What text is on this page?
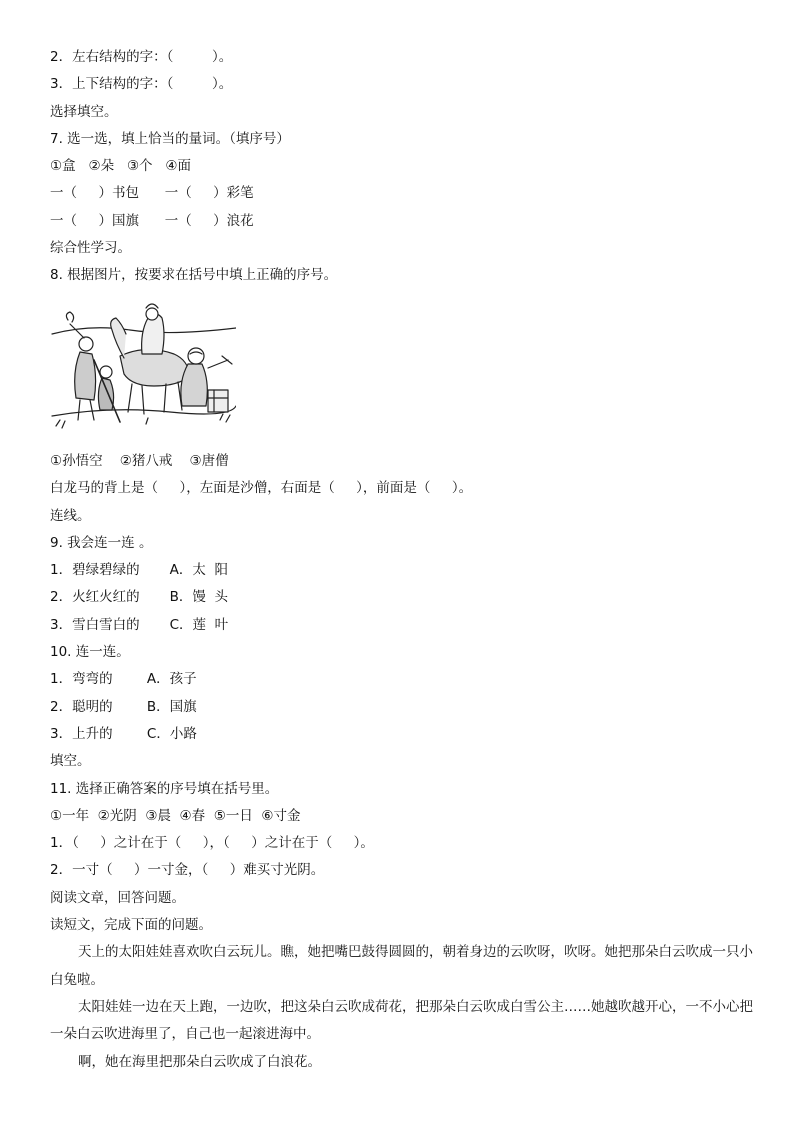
2．左右结构的字：（         ）。
3．上下结构的字：（         ）。
选择填空。
7. 选一选，填上恰当的量词。（填序号）
①盒   ②朵   ③个   ④面
一（     ）书包      一（     ）彩笔
一（     ）国旗      一（     ）浪花
综合性学习。
8. 根据图片，按要求在括号中填上正确的序号。
①孙悟空    ②猪八戒    ③唐僧
白龙马的背上是（     ），左面是沙僧，右面是（     ），前面是（     ）。
连线。
9. 我会连一连 。
1．碧绿碧绿的       A．太  阳
2．火红火红的       B．馒  头
3．雪白雪白的       C．莲  叶
10. 连一连。
1．弯弯的        A．孩子
2．聪明的        B．国旗
3．上升的        C．小路
填空。
11. 选择正确答案的序号填在括号里。
①一年  ②光阴  ③晨  ④春  ⑤一日  ⑥寸金
1．（     ）之计在于（     ），（     ）之计在于（     ）。
2．一寸（     ）一寸金，（     ）难买寸光阴。
阅读文章，回答问题。
读短文，完成下面的问题。
天上的太阳娃娃喜欢吹白云玩儿。瞧，她把嘴巴鼓得圆圆的，朝着身边的云吹呀，吹呀。她把那朵白云吹成一只小白兔啦。
太阳娃娃一边在天上跑，一边吹，把这朵白云吹成荷花，把那朵白云吹成白雪公主……她越吹越开心，一不小心把一朵白云吹进海里了，自己也一起滚进海中。
啊，她在海里把那朵白云吹成了白浪花。
